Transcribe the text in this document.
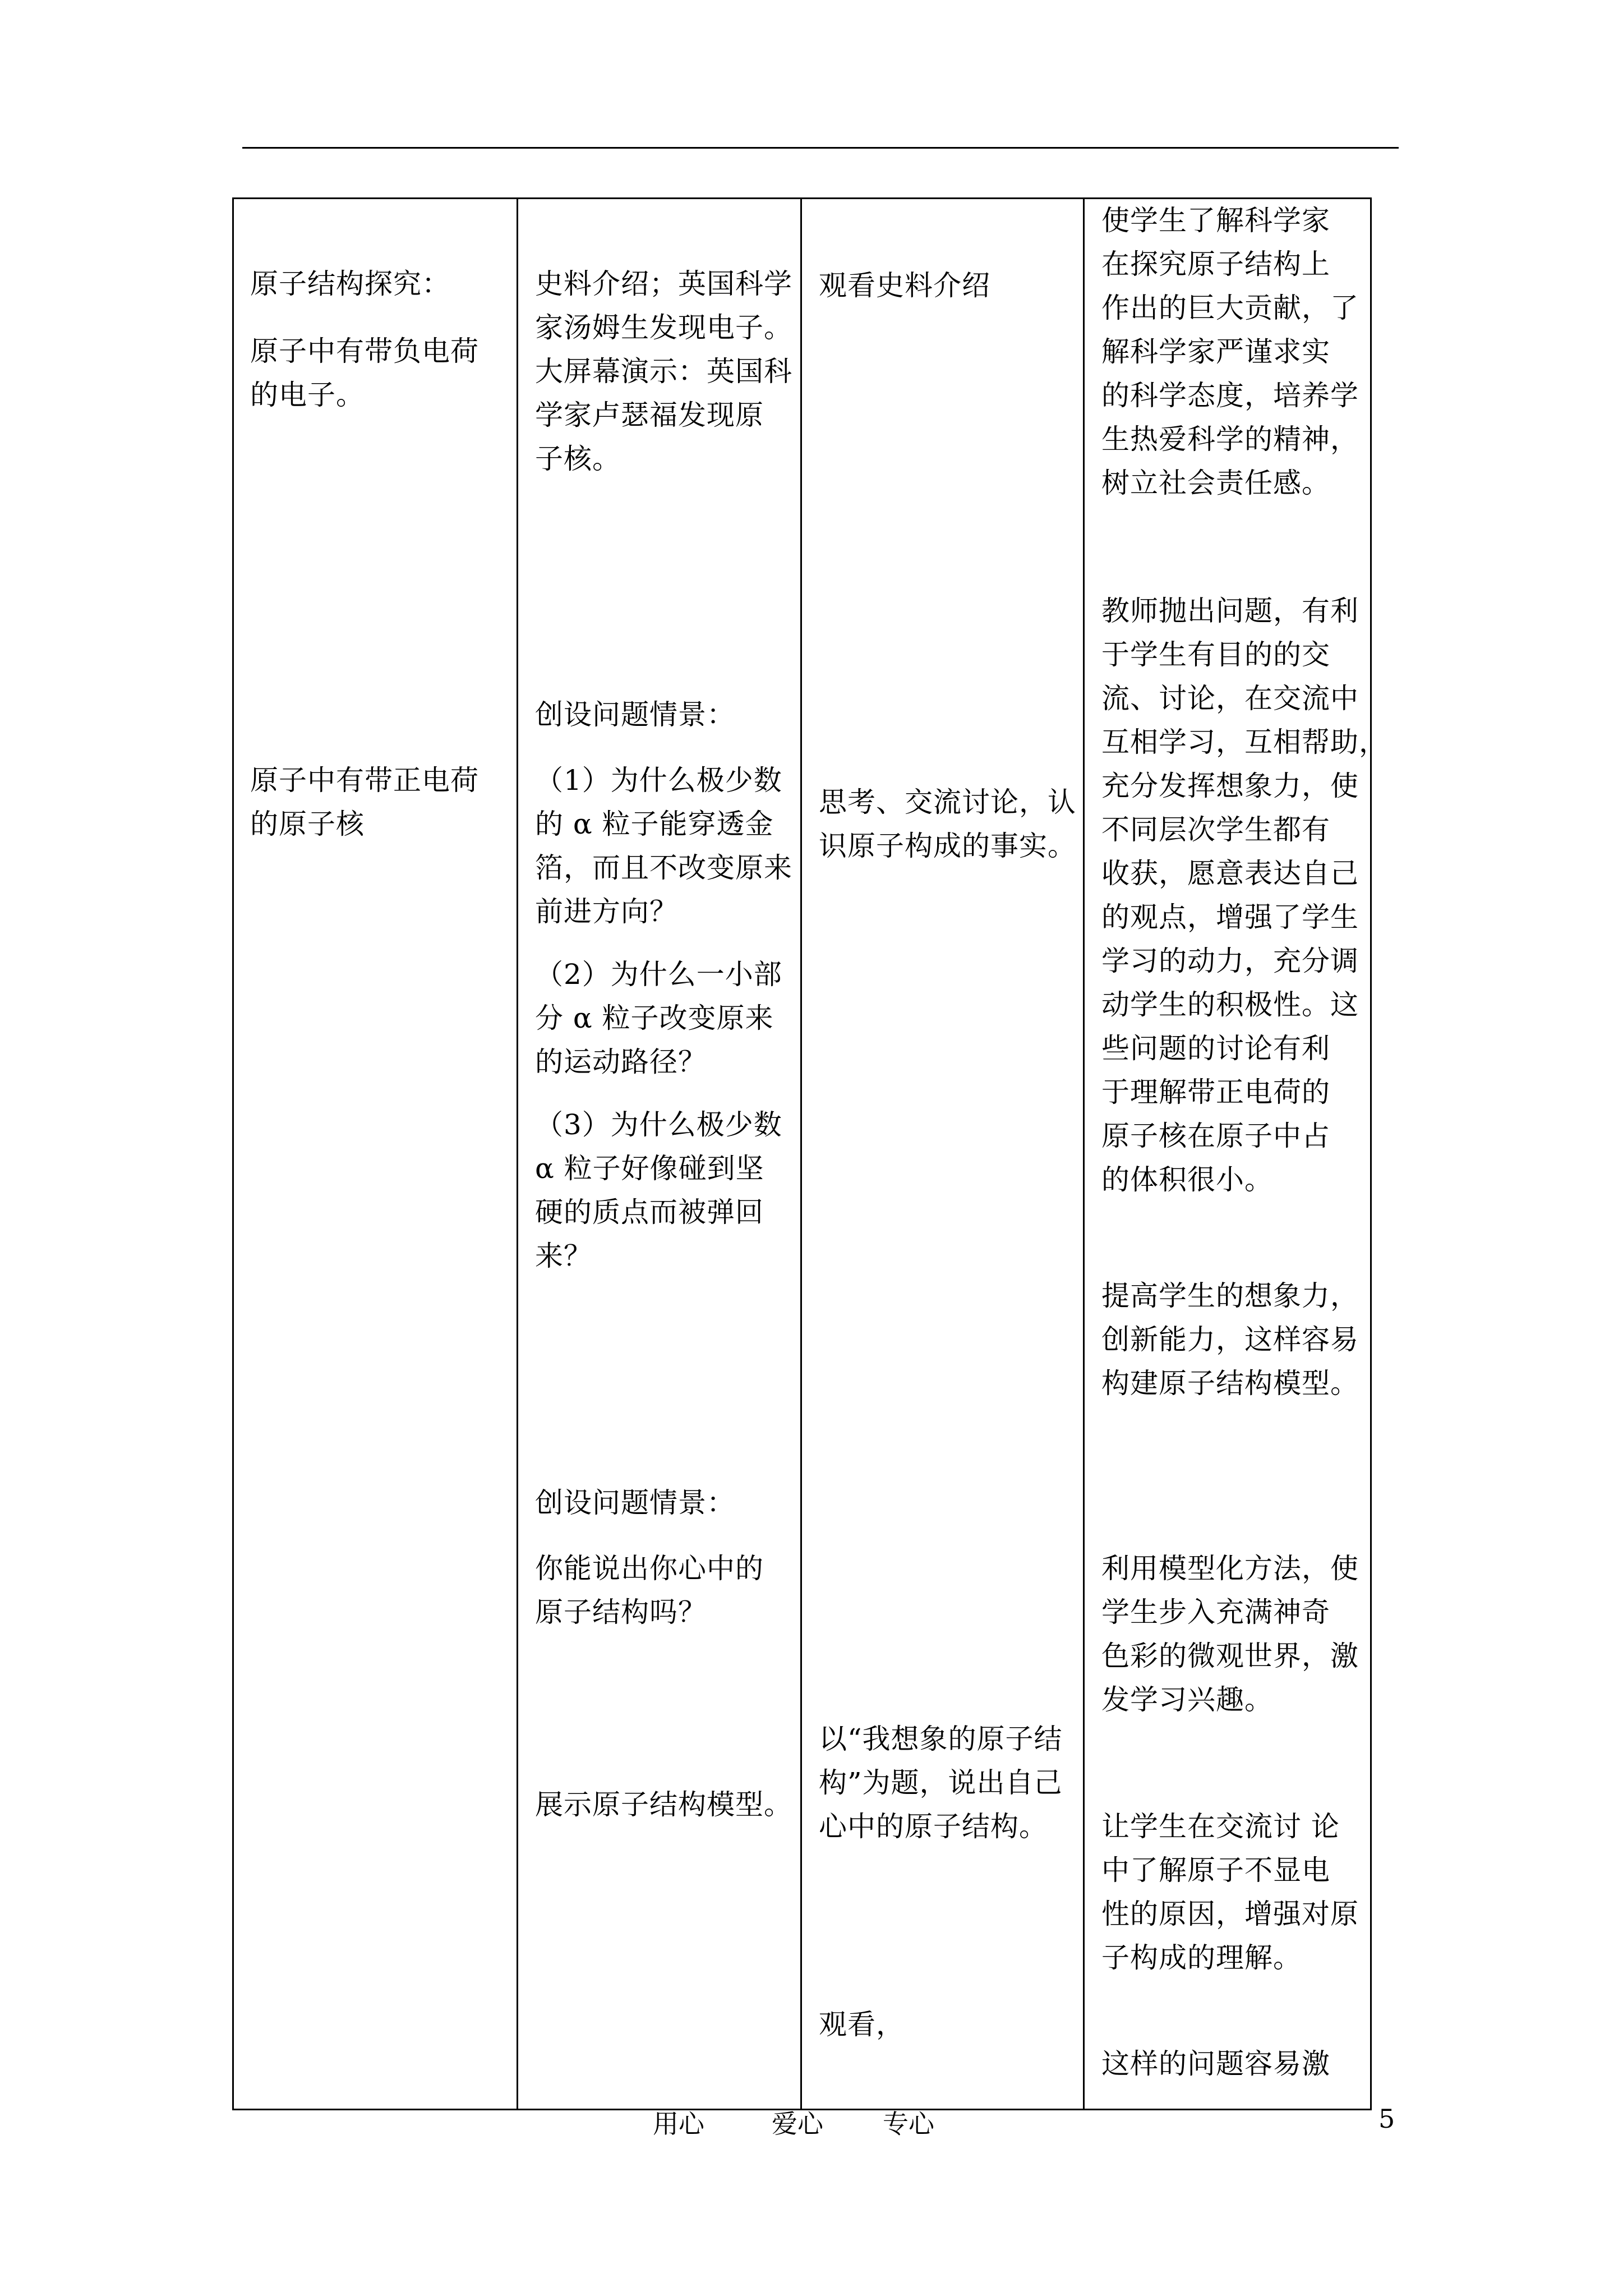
原子结构探究：
原子中有带负电荷
的电子。
原子中有带正电荷
的原子核
史料介绍；英国科学
家汤姆生发现电子。
大屏幕演示：英国科
学家卢瑟福发现原
子核。
创设问题情景：
（1）为什么极少数
的 α 粒子能穿透金
箔，而且不改变原来
前进方向？
（2）为什么一小部
分 α 粒子改变原来
的运动路径？
（3）为什么极少数
α 粒子好像碰到坚
硬的质点而被弹回
来？
创设问题情景：
你能说出你心中的
原子结构吗？
展示原子结构模型。
观看史料介绍
思考、交流讨论，认
识原子构成的事实。
以“我想象的原子结
构”为题，说出自己
心中的原子结构。
观看，
使学生了解科学家
在探究原子结构上
作出的巨大贡献，了
解科学家严谨求实
的科学态度，培养学
生热爱科学的精神，
树立社会责任感。
教师抛出问题，有利
于学生有目的的交
流、讨论，在交流中
互相学习，互相帮助，
充分发挥想象力，使
不同层次学生都有
收获，愿意表达自己
的观点，增强了学生
学习的动力，充分调
动学生的积极性。这
些问题的讨论有利
于理解带正电荷的
原子核在原子中占
的体积很小。
提高学生的想象力，
创新能力，这样容易
构建原子结构模型。
利用模型化方法，使
学生步入充满神奇
色彩的微观世界，激
发学习兴趣。
让学生在交流讨 论
中了解原子不显电
性的原因，增强对原
子构成的理解。
这样的问题容易激
用心	爱心 专心	5
